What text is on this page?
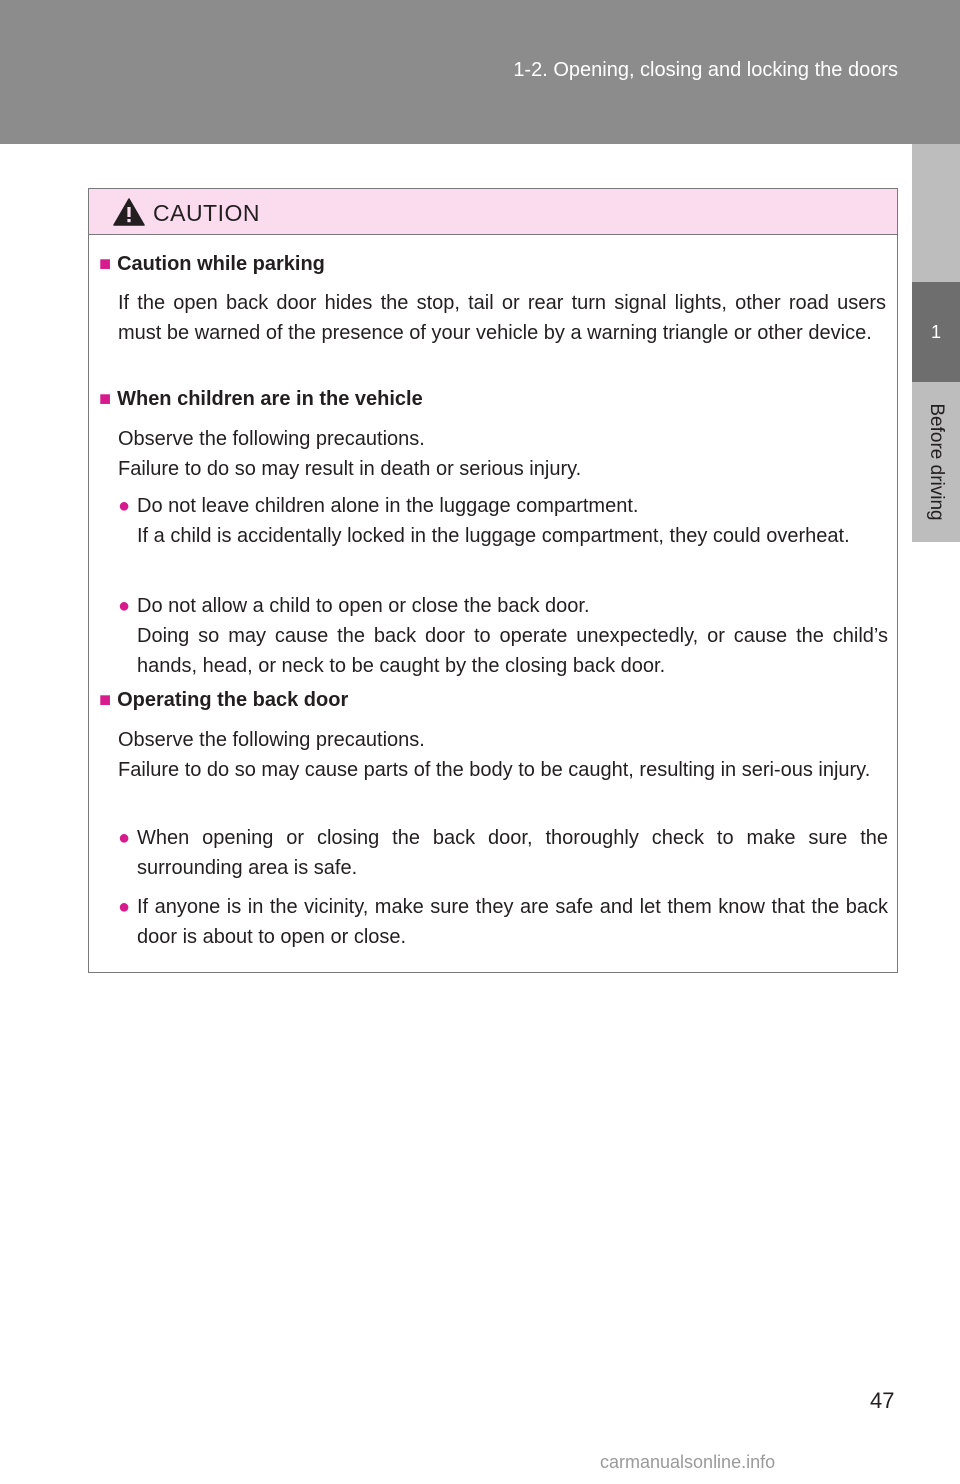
1-2. Opening, closing and locking the doors
1
Before driving
CAUTION
■ Caution while parking
If the open back door hides the stop, tail or rear turn signal lights, other road users must be warned of the presence of your vehicle by a warning triangle or other device.
■ When children are in the vehicle
Observe the following precautions.
Failure to do so may result in death or serious injury.
● Do not leave children alone in the luggage compartment.
If a child is accidentally locked in the luggage compartment, they could overheat.
● Do not allow a child to open or close the back door.
Doing so may cause the back door to operate unexpectedly, or cause the child’s hands, head, or neck to be caught by the closing back door.
■ Operating the back door
Observe the following precautions.
Failure to do so may cause parts of the body to be caught, resulting in seri-ous injury.
● When opening or closing the back door, thoroughly check to make sure the surrounding area is safe.
● If anyone is in the vicinity, make sure they are safe and let them know that the back door is about to open or close.
47
carmanualsonline.info
